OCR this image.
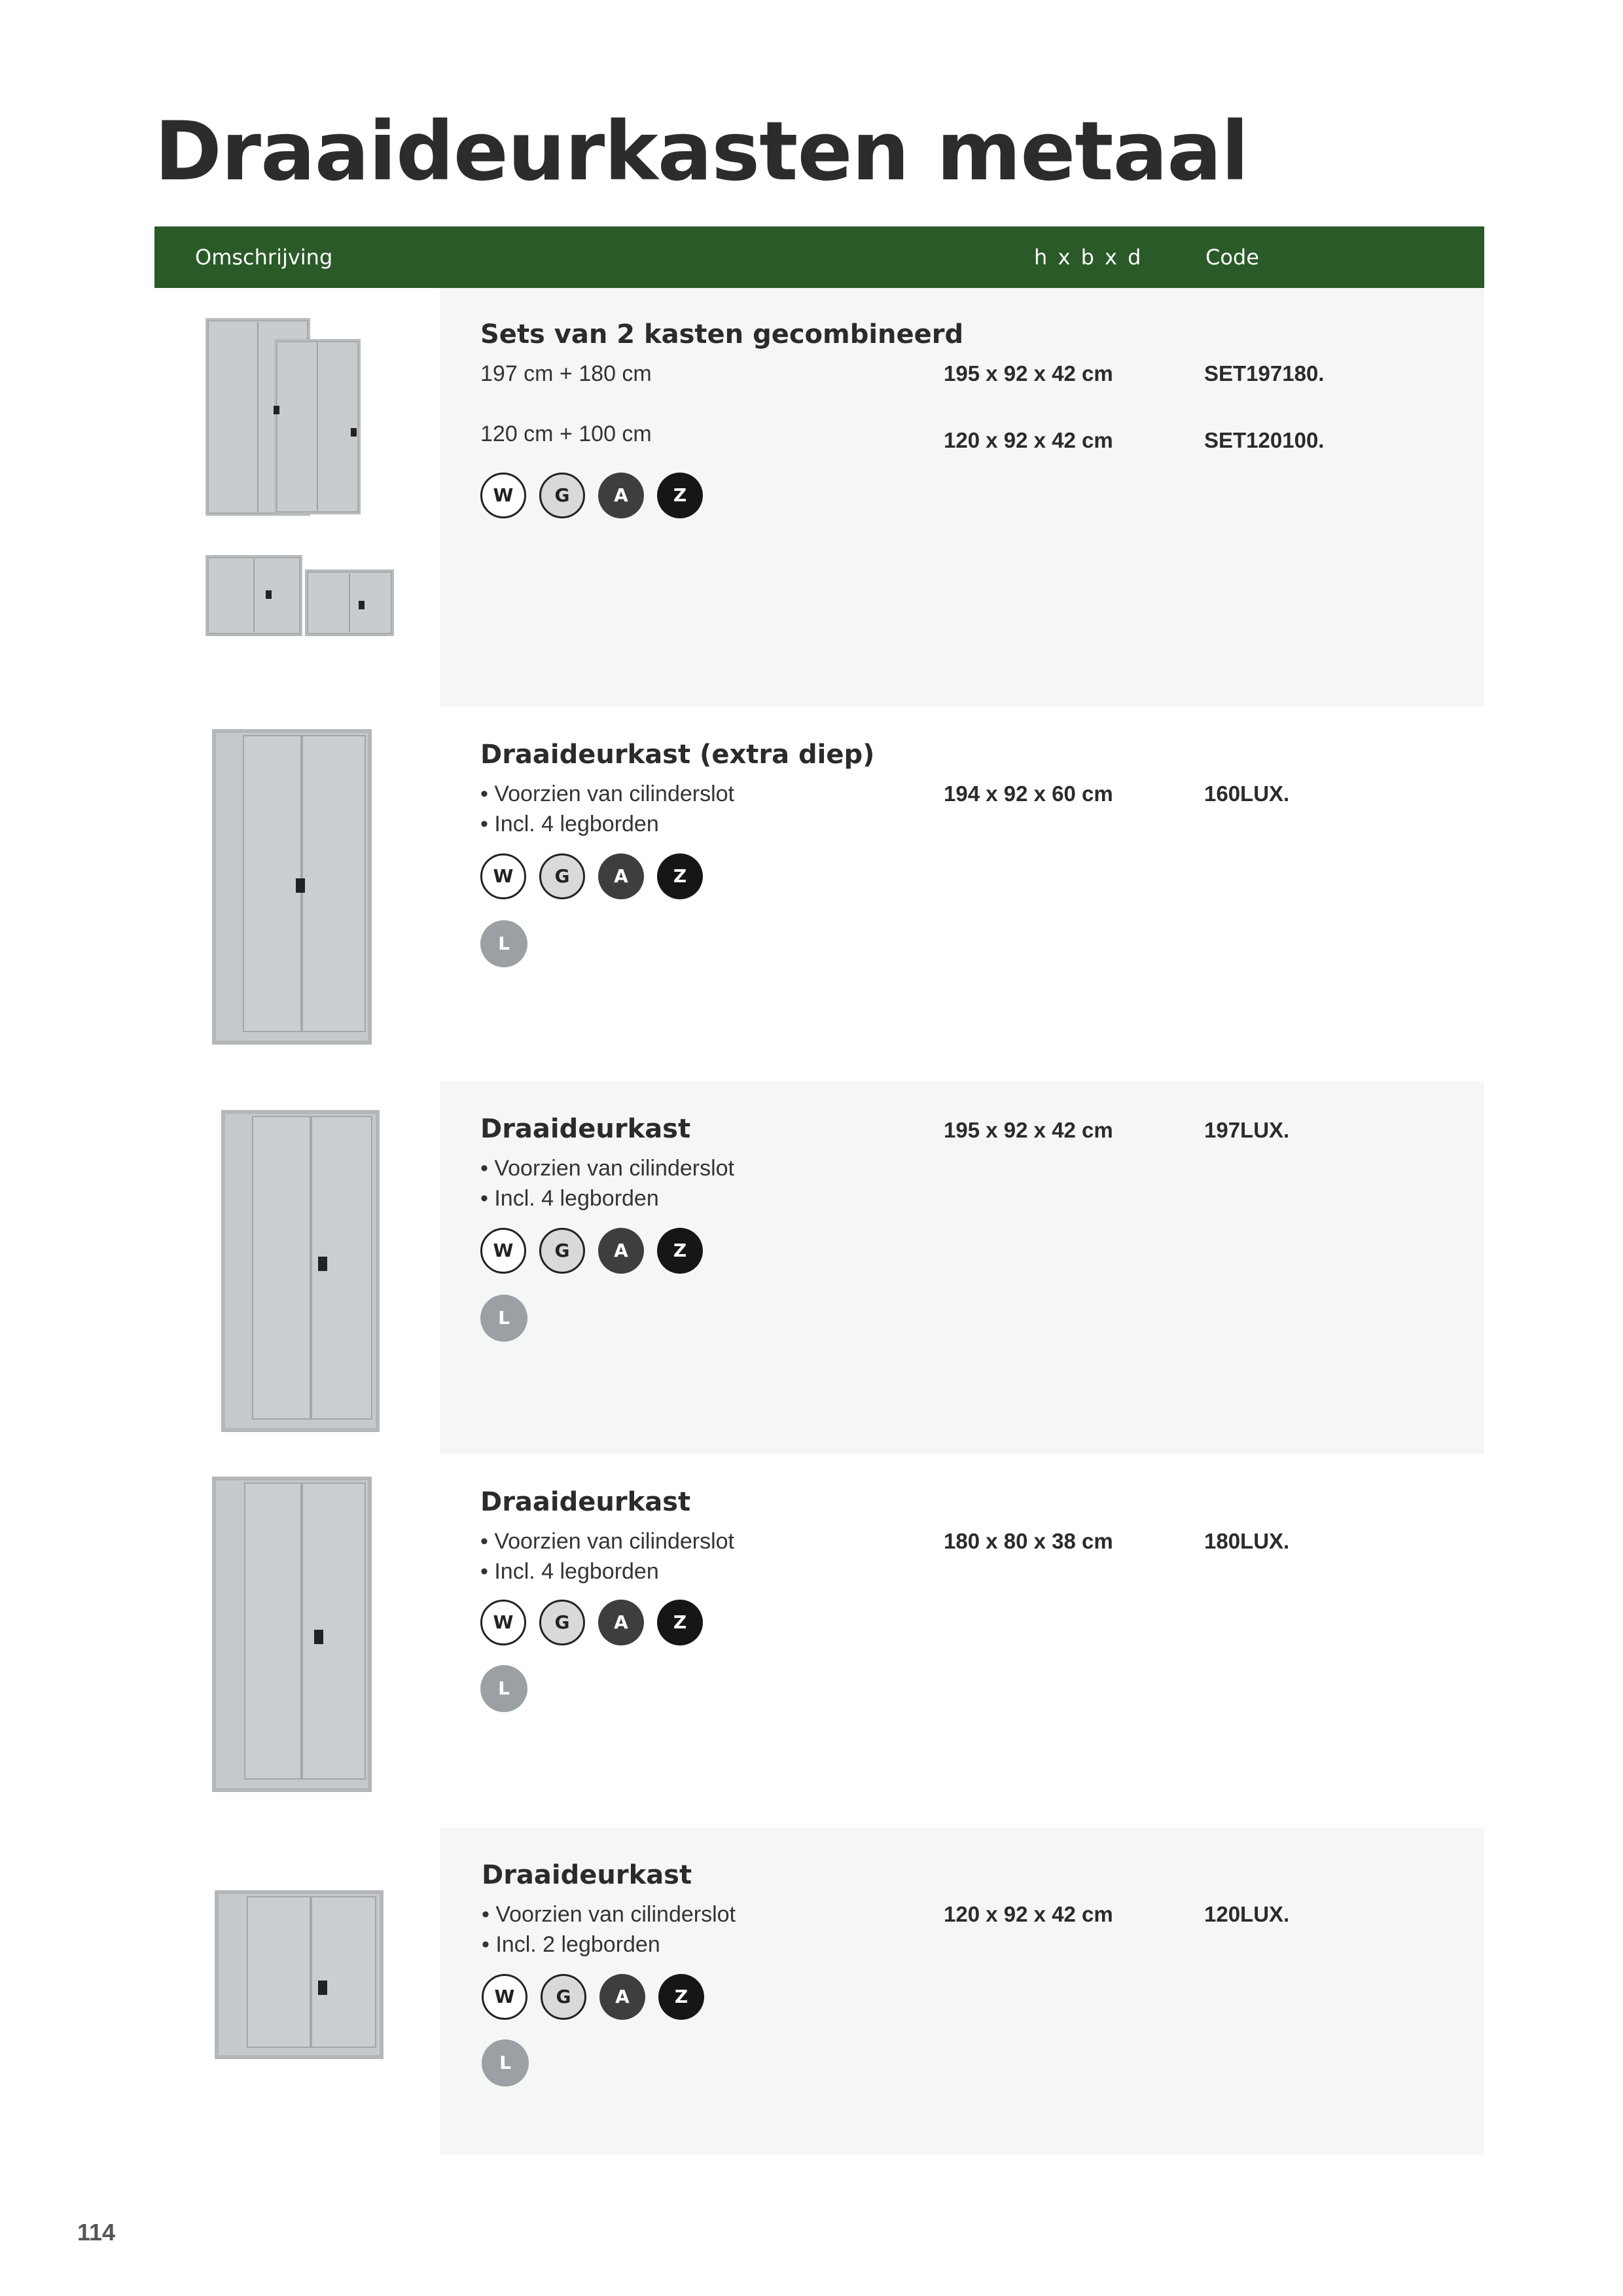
Draaideurkasten metaal
Omschrijving	h x b x d	Code
Sets van 2 kasten gecombineerd
197 cm + 180 cm	195 x 92 x 42 cm	SET197180.
120 cm + 100 cm	120 x 92 x 42 cm	SET120100.
W	G	A	Z
Draaideurkast (extra diep)
• Voorzien van cilinderslot
• Incl. 4 legborden
194 x 92 x 60 cm	160LUX.
W	G	A	Z
L
Draaideurkast
• Voorzien van cilinderslot
• Incl. 4 legborden
195 x 92 x 42 cm	197LUX.
W	G	A	Z
L
Draaideurkast
• Voorzien van cilinderslot
• Incl. 4 legborden
180 x 80 x 38 cm	180LUX.
W	G	A	Z
L
Draaideurkast
• Voorzien van cilinderslot
• Incl. 2 legborden
120 x 92 x 42 cm	120LUX.
W	G	A	Z
L
114
